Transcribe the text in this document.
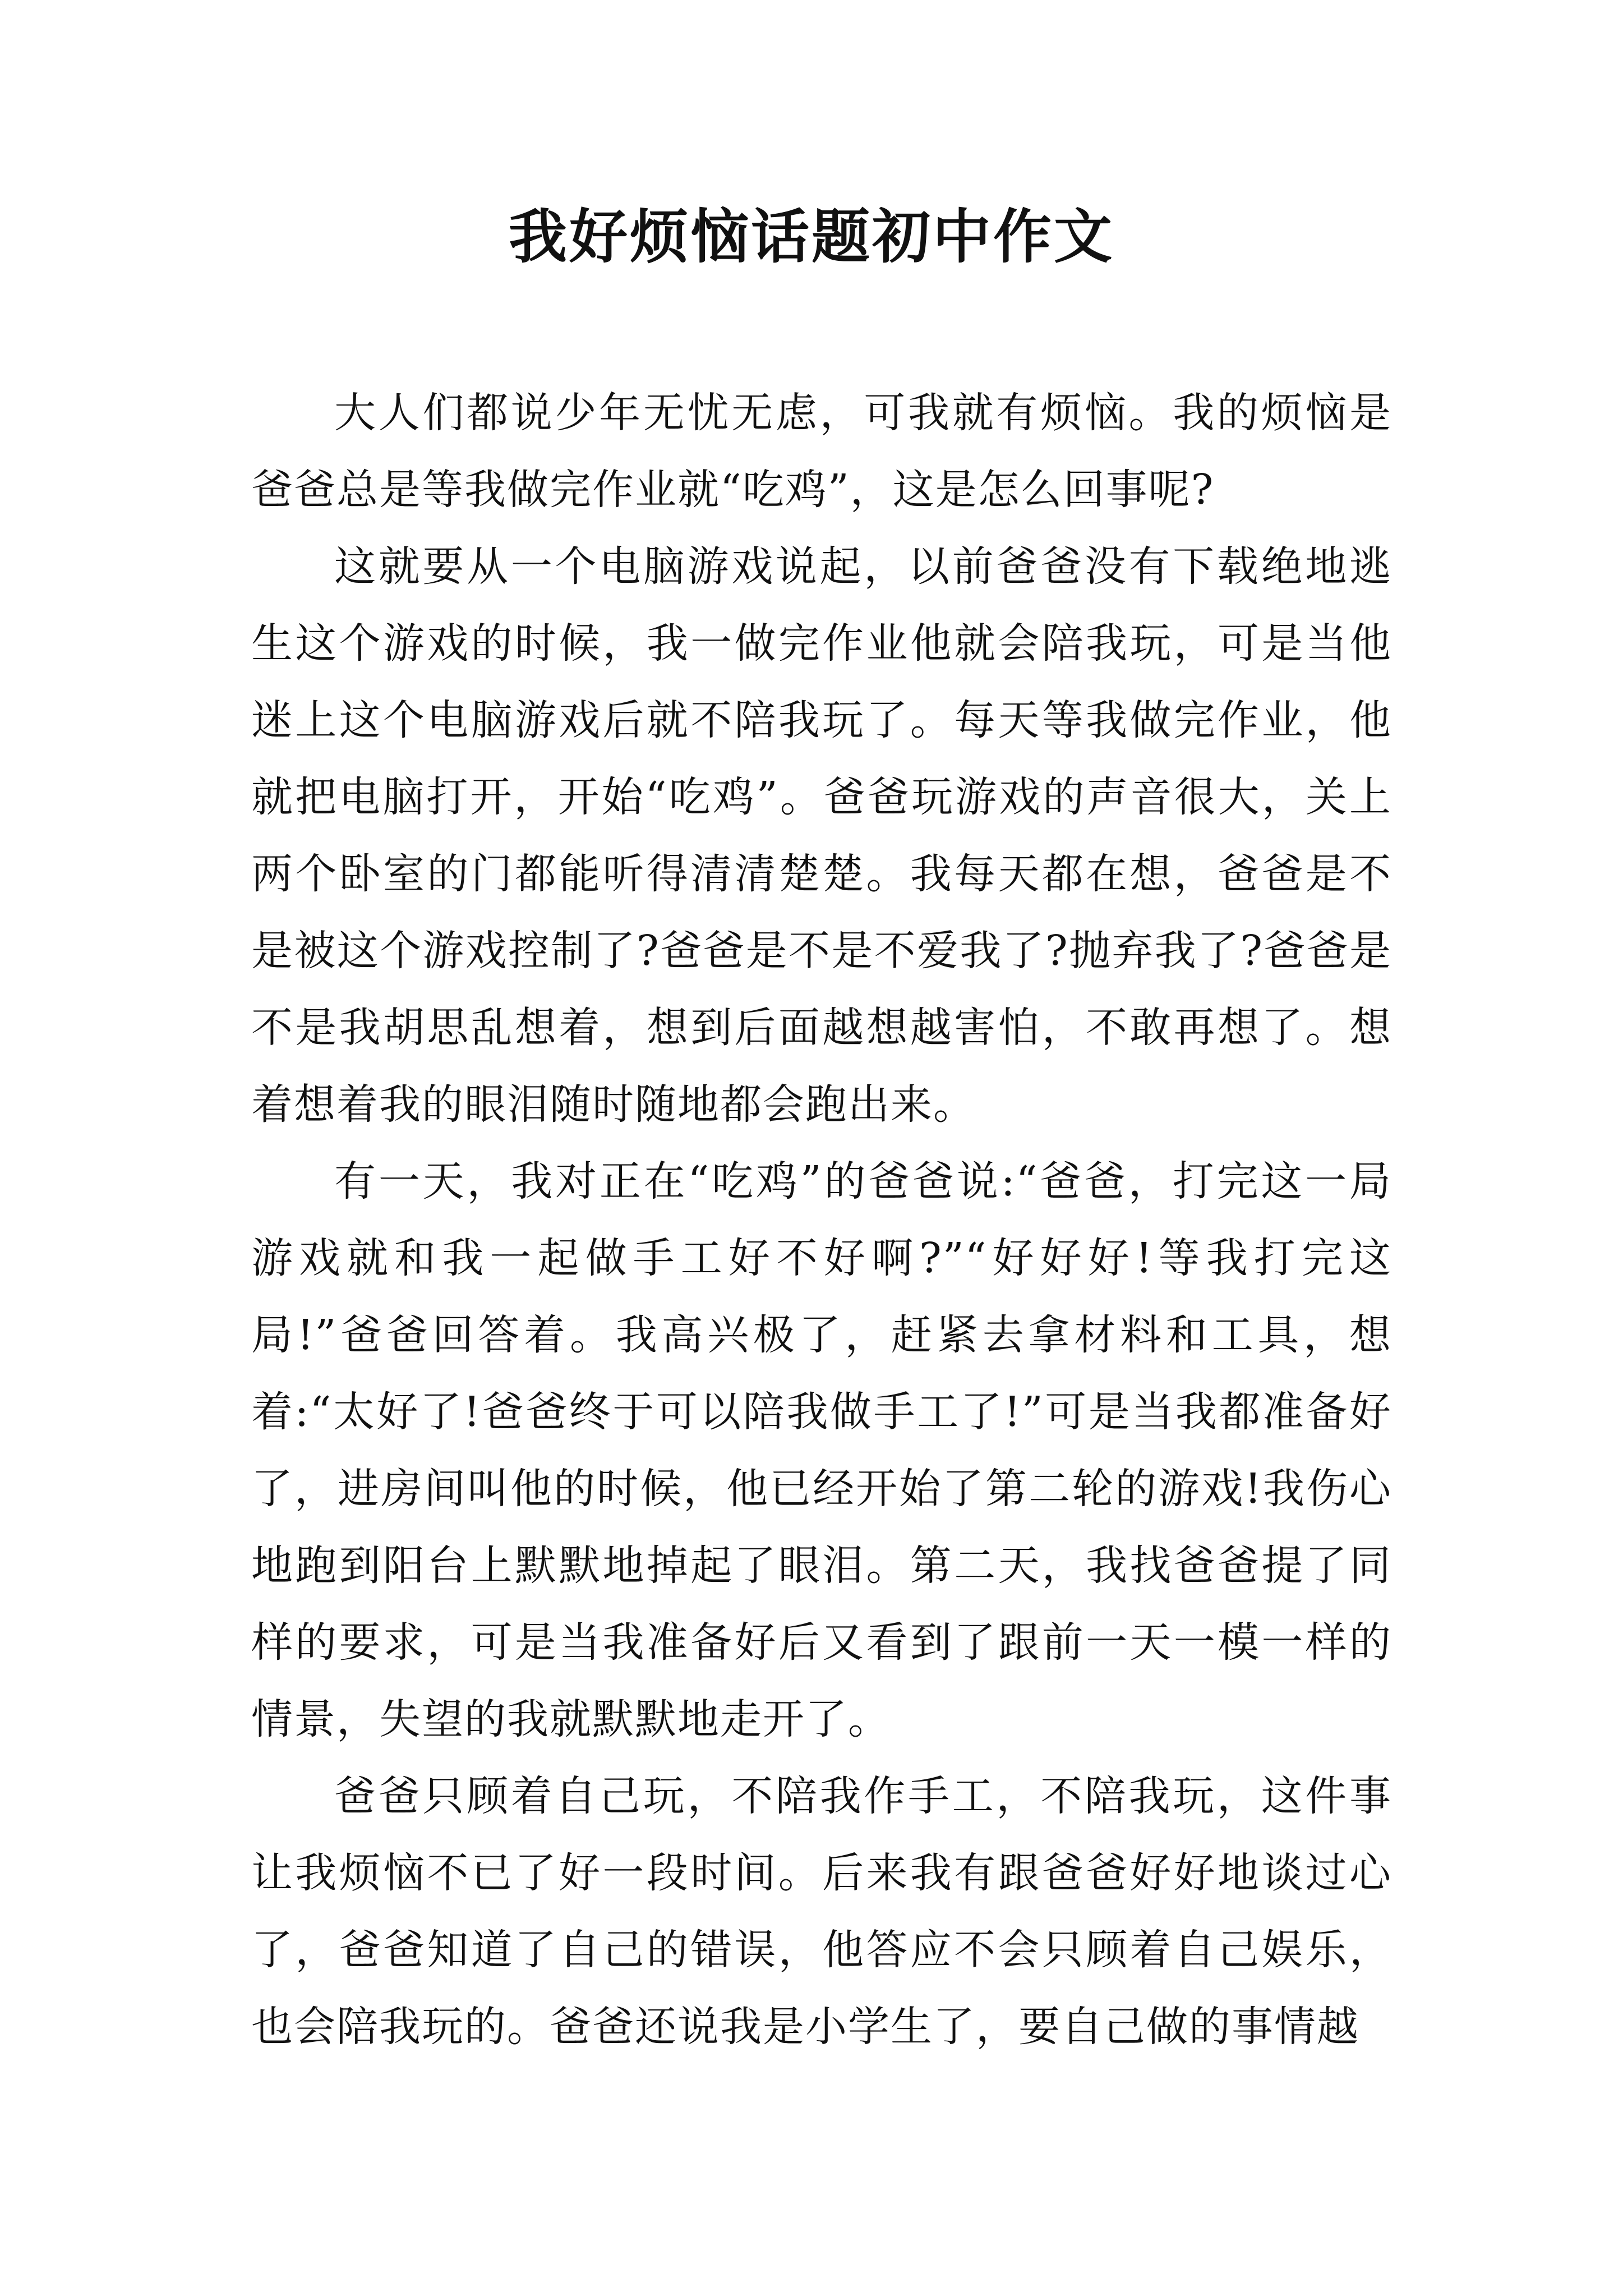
我好烦恼话题初中作文

大人们都说少年无忧无虑，可我就有烦恼。我的烦恼是爸爸总是等我做完作业就“吃鸡”，这是怎么回事呢?

这就要从一个电脑游戏说起，以前爸爸没有下载绝地逃生这个游戏的时候，我一做完作业他就会陪我玩，可是当他迷上这个电脑游戏后就不陪我玩了。每天等我做完作业，他就把电脑打开，开始“吃鸡”。爸爸玩游戏的声音很大，关上两个卧室的门都能听得清清楚楚。我每天都在想，爸爸是不是被这个游戏控制了?爸爸是不是不爱我了?抛弃我了?爸爸是不是我胡思乱想着，想到后面越想越害怕，不敢再想了。想着想着我的眼泪随时随地都会跑出来。

有一天，我对正在“吃鸡”的爸爸说:“爸爸，打完这一局游戏就和我一起做手工好不好啊?”“好好好!等我打完这局!”爸爸回答着。我高兴极了，赶紧去拿材料和工具，想着:“太好了!爸爸终于可以陪我做手工了!”可是当我都准备好了，进房间叫他的时候，他已经开始了第二轮的游戏!我伤心地跑到阳台上默默地掉起了眼泪。第二天，我找爸爸提了同样的要求，可是当我准备好后又看到了跟前一天一模一样的情景，失望的我就默默地走开了。

爸爸只顾着自己玩，不陪我作手工，不陪我玩，这件事让我烦恼不已了好一段时间。后来我有跟爸爸好好地谈过心了，爸爸知道了自己的错误，他答应不会只顾着自己娱乐，也会陪我玩的。爸爸还说我是小学生了，要自己做的事情越
